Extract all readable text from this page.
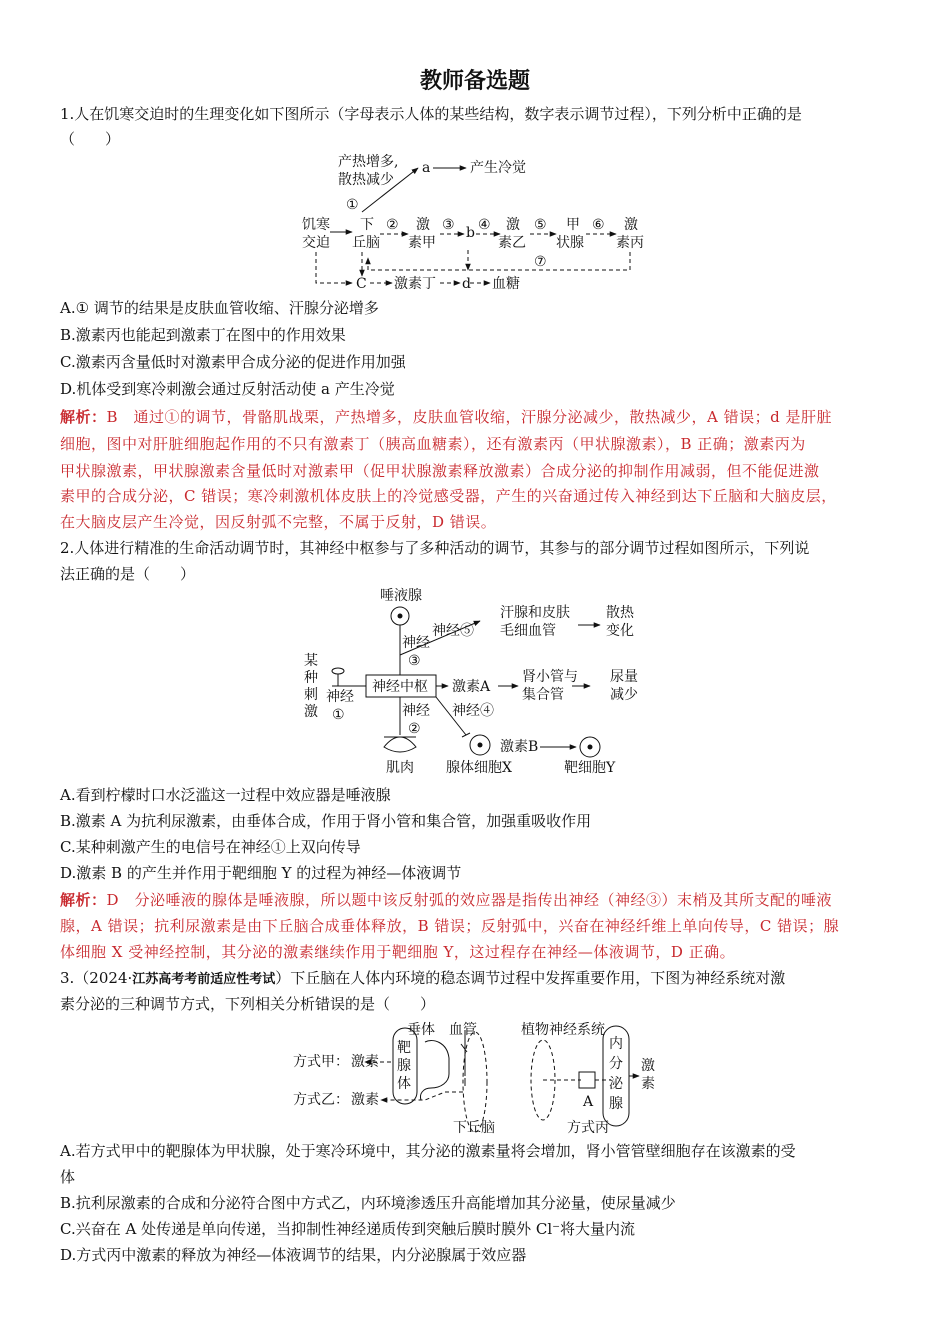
教师备选题
1.人在饥寒交迫时的生理变化如下图所示（字母表示人体的某些结构，数字表示调节过程），下列分析中正确的是
（　　）
产热增多,
散热减少
a	产生冷觉
①
饥寒
交迫
下
丘脑
② 激
素甲
③ b ④ 激
素乙
⑤ 甲
状腺
⑥ 激
素丙
⑦
C 激素丁 d 血糖
A.① 调节的结果是皮肤血管收缩、汗腺分泌增多
B.激素丙也能起到激素丁在图中的作用效果
C.激素丙含量低时对激素甲合成分泌的促进作用加强
D.机体受到寒冷刺激会通过反射活动使 a 产生冷觉
解析：B　通过①的调节，骨骼肌战栗，产热增多，皮肤血管收缩，汗腺分泌减少，散热减少，A 错误；d 是肝脏
细胞，图中对肝脏细胞起作用的不只有激素丁（胰高血糖素），还有激素丙（甲状腺激素），B 正确；激素丙为
甲状腺激素，甲状腺激素含量低时对激素甲（促甲状腺激素释放激素）合成分泌的抑制作用减弱，但不能促进激
素甲的合成分泌，C 错误；寒冷刺激机体皮肤上的冷觉感受器，产生的兴奋通过传入神经到达下丘脑和大脑皮层，
在大脑皮层产生冷觉，因反射弧不完整，不属于反射，D 错误。
2.人体进行精准的生命活动调节时，其神经中枢参与了多种活动的调节，其参与的部分调节过程如图所示，下列说
法正确的是（　　）
唾液腺
神经
③
神经⑤
汗腺和皮肤
毛细血管
散热
变化
某
种
刺
激
神经
①
神经中枢 激素A
肾小管与
集合管
尿量
减少
神经
②
神经④
激素B
肌肉 腺体细胞X	靶细胞Y
A.看到柠檬时口水泛滥这一过程中效应器是唾液腺
B.激素 A 为抗利尿激素，由垂体合成，作用于肾小管和集合管，加强重吸收作用
C.某种刺激产生的电信号在神经①上双向传导
D.激素 B 的产生并作用于靶细胞 Y 的过程为神经—体液调节
解析：D　分泌唾液的腺体是唾液腺，所以题中该反射弧的效应器是指传出神经（神经③）末梢及其所支配的唾液
腺，A 错误；抗利尿激素是由下丘脑合成垂体释放，B 错误；反射弧中，兴奋在神经纤维上单向传导，C 错误；腺
体细胞 X 受神经控制，其分泌的激素继续作用于靶细胞 Y，这过程存在神经—体液调节，D 正确。
3.（2024·江苏高考考前适应性考试）下丘脑在人体内环境的稳态调节过程中发挥重要作用，下图为神经系统对激
素分泌的三种调节方式，下列相关分析错误的是（　　）
垂体 血管
靶
腺
体
方式甲： 激素
方式乙： 激素
下丘脑
植物神经系统
内
分
泌
腺
A
激
素
方式丙
A.若方式甲中的靶腺体为甲状腺，处于寒冷环境中，其分泌的激素量将会增加，肾小管管壁细胞存在该激素的受
体
B.抗利尿激素的合成和分泌符合图中方式乙，内环境渗透压升高能增加其分泌量，使尿量减少
C.兴奋在 A 处传递是单向传递，当抑制性神经递质传到突触后膜时膜外 Cl⁻将大量内流
D.方式丙中激素的释放为神经—体液调节的结果，内分泌腺属于效应器
